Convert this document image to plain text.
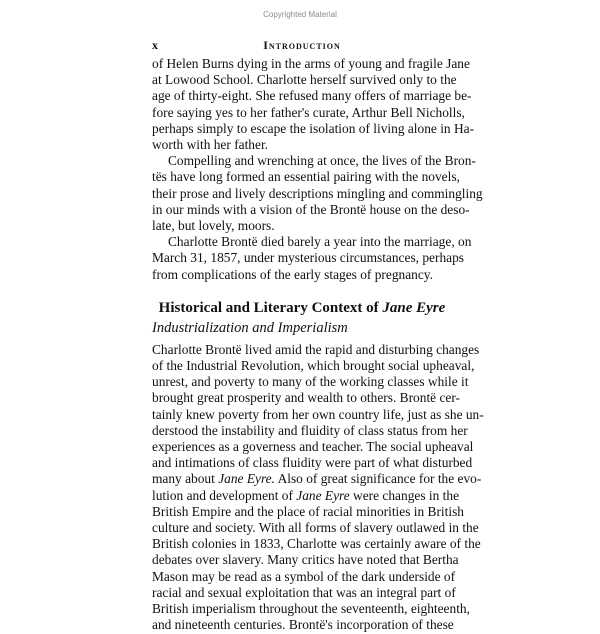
Copyrighted Material
x	Introduction

of Helen Burns dying in the arms of young and fragile Jane
at Lowood School. Charlotte herself survived only to the
age of thirty-eight. She refused many offers of marriage be-
fore saying yes to her father's curate, Arthur Bell Nicholls,
perhaps simply to escape the isolation of living alone in Ha-
worth with her father.

Compelling and wrenching at once, the lives of the Bron-
tës have long formed an essential pairing with the novels,
their prose and lively descriptions mingling and commingling
in our minds with a vision of the Brontë house on the deso-
late, but lovely, moors.

Charlotte Brontë died barely a year into the marriage, on
March 31, 1857, under mysterious circumstances, perhaps
from complications of the early stages of pregnancy.

Historical and Literary Context of Jane Eyre
Industrialization and Imperialism

Charlotte Brontë lived amid the rapid and disturbing changes
of the Industrial Revolution, which brought social upheaval,
unrest, and poverty to many of the working classes while it
brought great prosperity and wealth to others. Brontë cer-
tainly knew poverty from her own country life, just as she un-
derstood the instability and fluidity of class status from her
experiences as a governess and teacher. The social upheaval
and intimations of class fluidity were part of what disturbed
many about Jane Eyre. Also of great significance for the evo-
lution and development of Jane Eyre were changes in the
British Empire and the place of racial minorities in British
culture and society. With all forms of slavery outlawed in the
British colonies in 1833, Charlotte was certainly aware of the
debates over slavery. Many critics have noted that Bertha
Mason may be read as a symbol of the dark underside of
racial and sexual exploitation that was an integral part of
British imperialism throughout the seventeenth, eighteenth,
and nineteenth centuries. Brontë's incorporation of these
